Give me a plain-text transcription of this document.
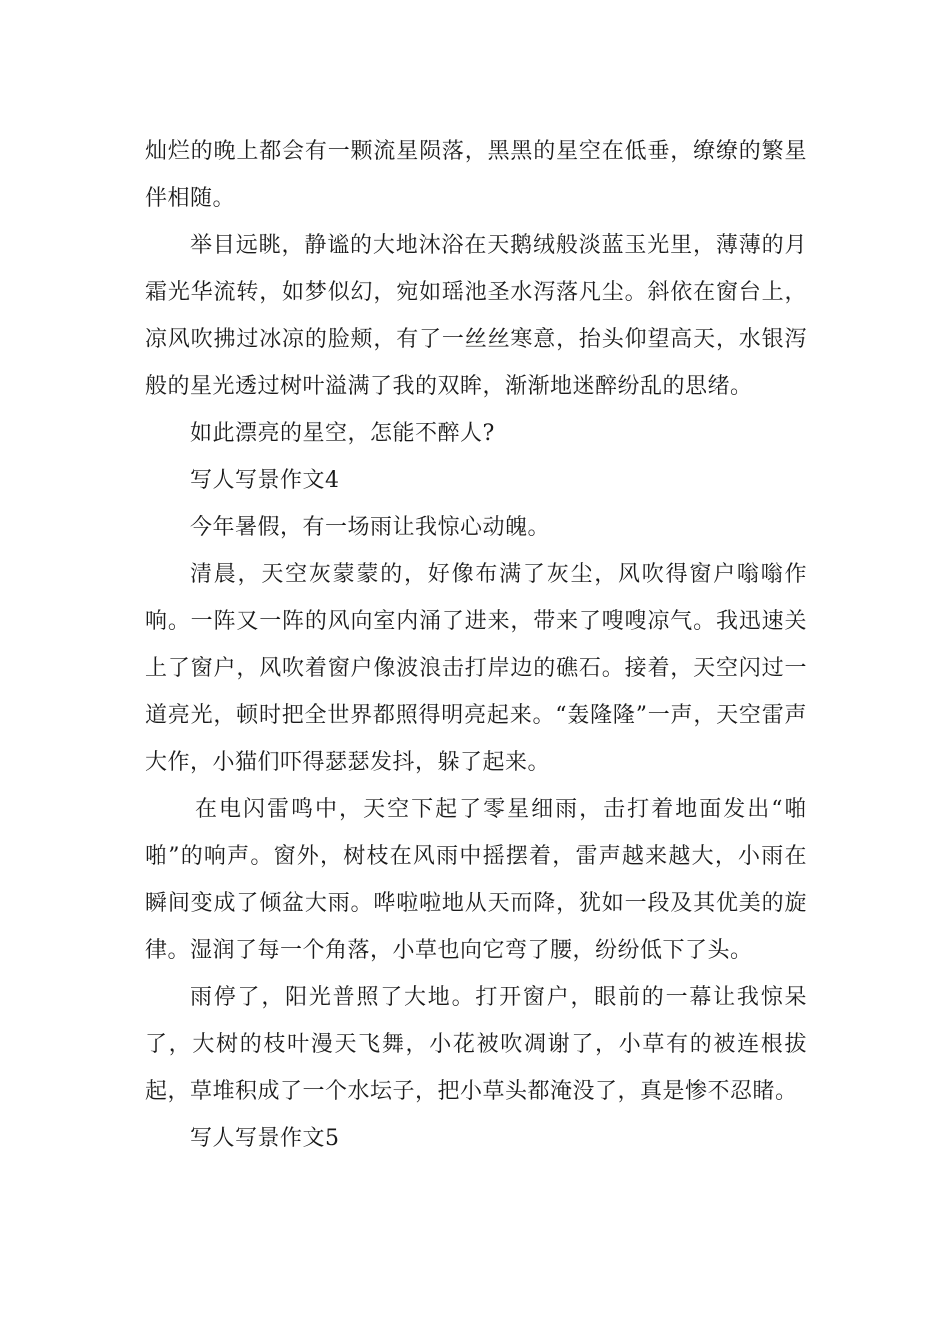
灿烂的晚上都会有一颗流星陨落，黑黑的星空在低垂，缭缭的繁星伴相随。

举目远眺，静谧的大地沐浴在天鹅绒般淡蓝玉光里，薄薄的月霜光华流转，如梦似幻，宛如瑶池圣水泻落凡尘。斜依在窗台上，凉风吹拂过冰凉的脸颊，有了一丝丝寒意，抬头仰望高天，水银泻般的星光透过树叶溢满了我的双眸，渐渐地迷醉纷乱的思绪。

如此漂亮的星空，怎能不醉人?

写人写景作文4

今年暑假，有一场雨让我惊心动魄。

清晨，天空灰蒙蒙的，好像布满了灰尘，风吹得窗户嗡嗡作响。一阵又一阵的风向室内涌了进来，带来了嗖嗖凉气。我迅速关上了窗户，风吹着窗户像波浪击打岸边的礁石。接着，天空闪过一道亮光，顿时把全世界都照得明亮起来。“轰隆隆”一声，天空雷声大作，小猫们吓得瑟瑟发抖，躲了起来。

在电闪雷鸣中，天空下起了零星细雨，击打着地面发出“啪啪”的响声。窗外，树枝在风雨中摇摆着，雷声越来越大，小雨在瞬间变成了倾盆大雨。哗啦啦地从天而降，犹如一段及其优美的旋律。湿润了每一个角落，小草也向它弯了腰，纷纷低下了头。

雨停了，阳光普照了大地。打开窗户，眼前的一幕让我惊呆了，大树的枝叶漫天飞舞，小花被吹凋谢了，小草有的被连根拔起，草堆积成了一个水坛子，把小草头都淹没了，真是惨不忍睹。

写人写景作文5
